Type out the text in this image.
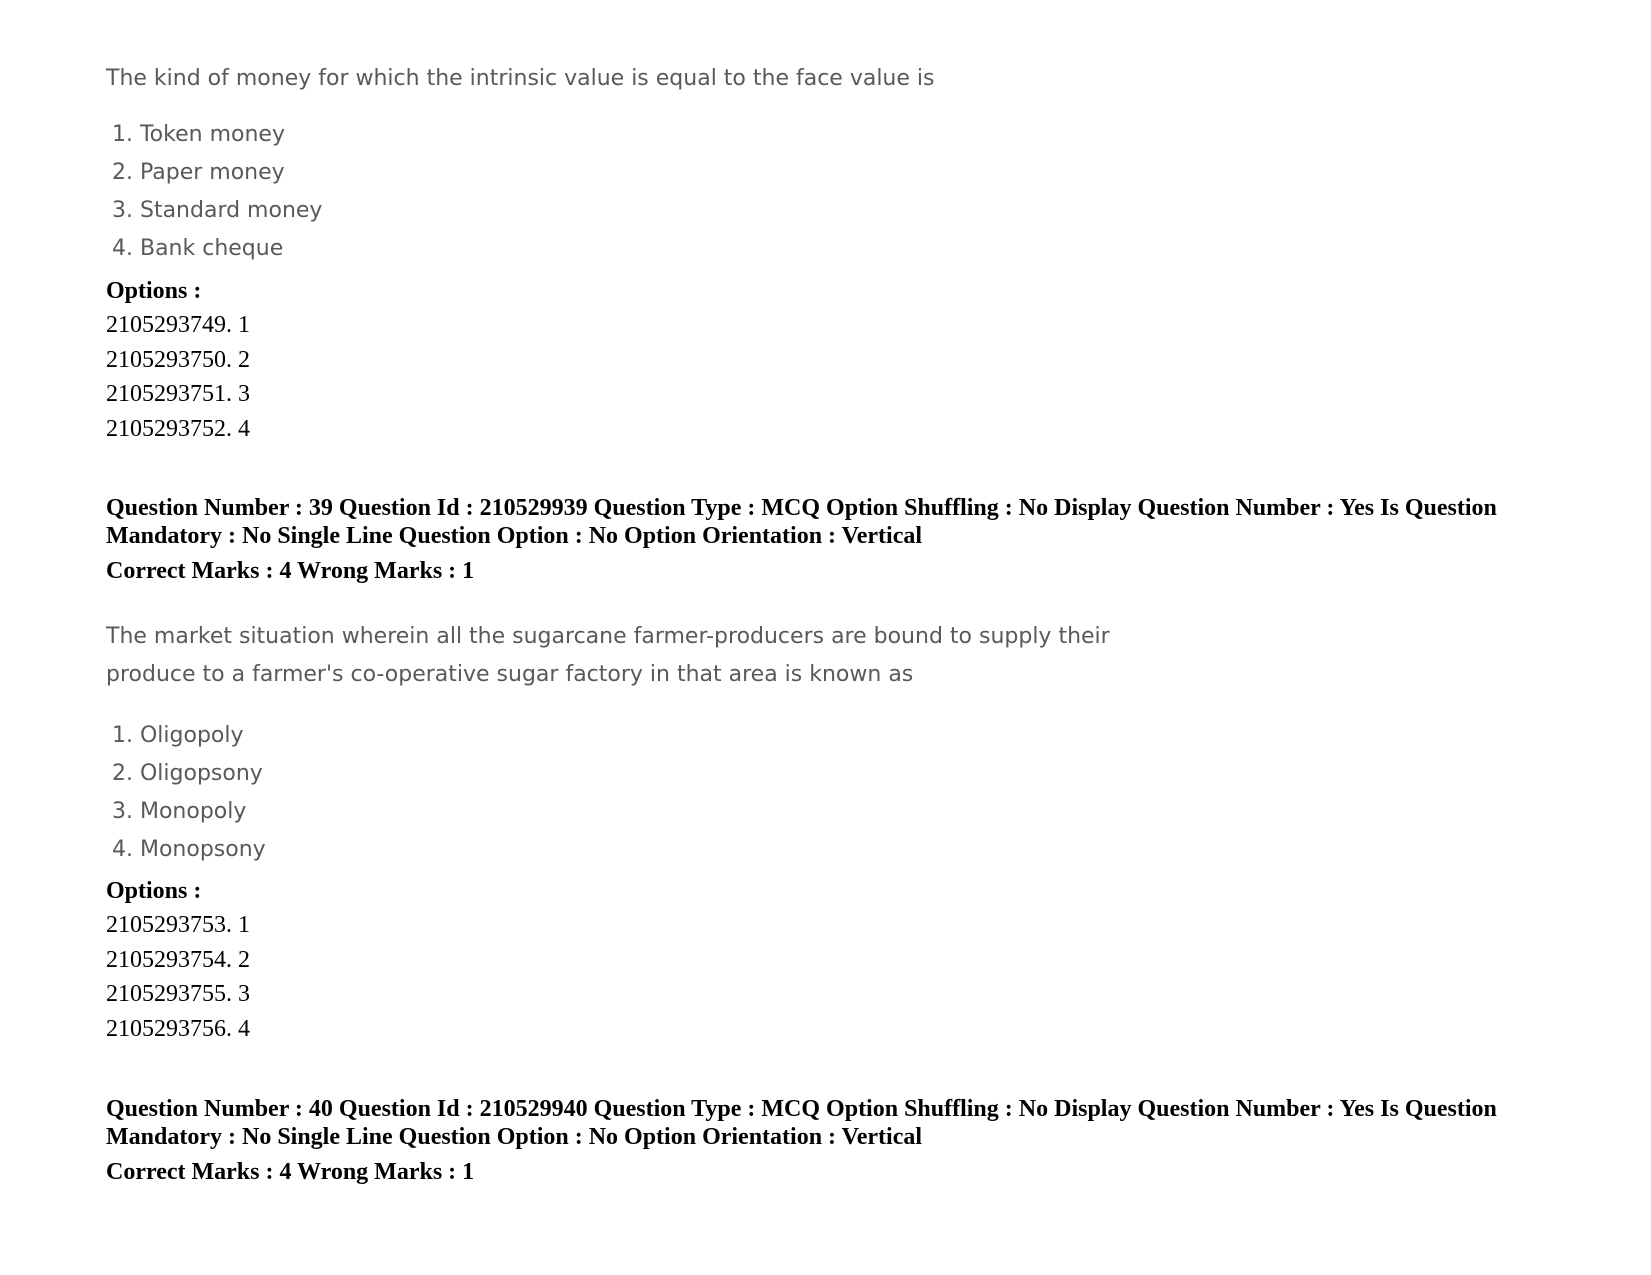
The kind of money for which the intrinsic value is equal to the face value is

1. Token money
2. Paper money
3. Standard money
4. Bank cheque

Options :

2105293749. 1
2105293750. 2
2105293751. 3
2105293752. 4

Question Number : 39 Question Id : 210529939 Question Type : MCQ Option Shuffling : No Display Question Number : Yes Is Question Mandatory : No Single Line Question Option : No Option Orientation : Vertical

Correct Marks : 4 Wrong Marks : 1

The market situation wherein all the sugarcane farmer-producers are bound to supply their

produce to a farmer's co-operative sugar factory in that area is known as

1. Oligopoly
2. Oligopsony
3. Monopoly
4. Monopsony

Options :

2105293753. 1
2105293754. 2
2105293755. 3
2105293756. 4

Question Number : 40 Question Id : 210529940 Question Type : MCQ Option Shuffling : No Display Question Number : Yes Is Question Mandatory : No Single Line Question Option : No Option Orientation : Vertical

Correct Marks : 4 Wrong Marks : 1
